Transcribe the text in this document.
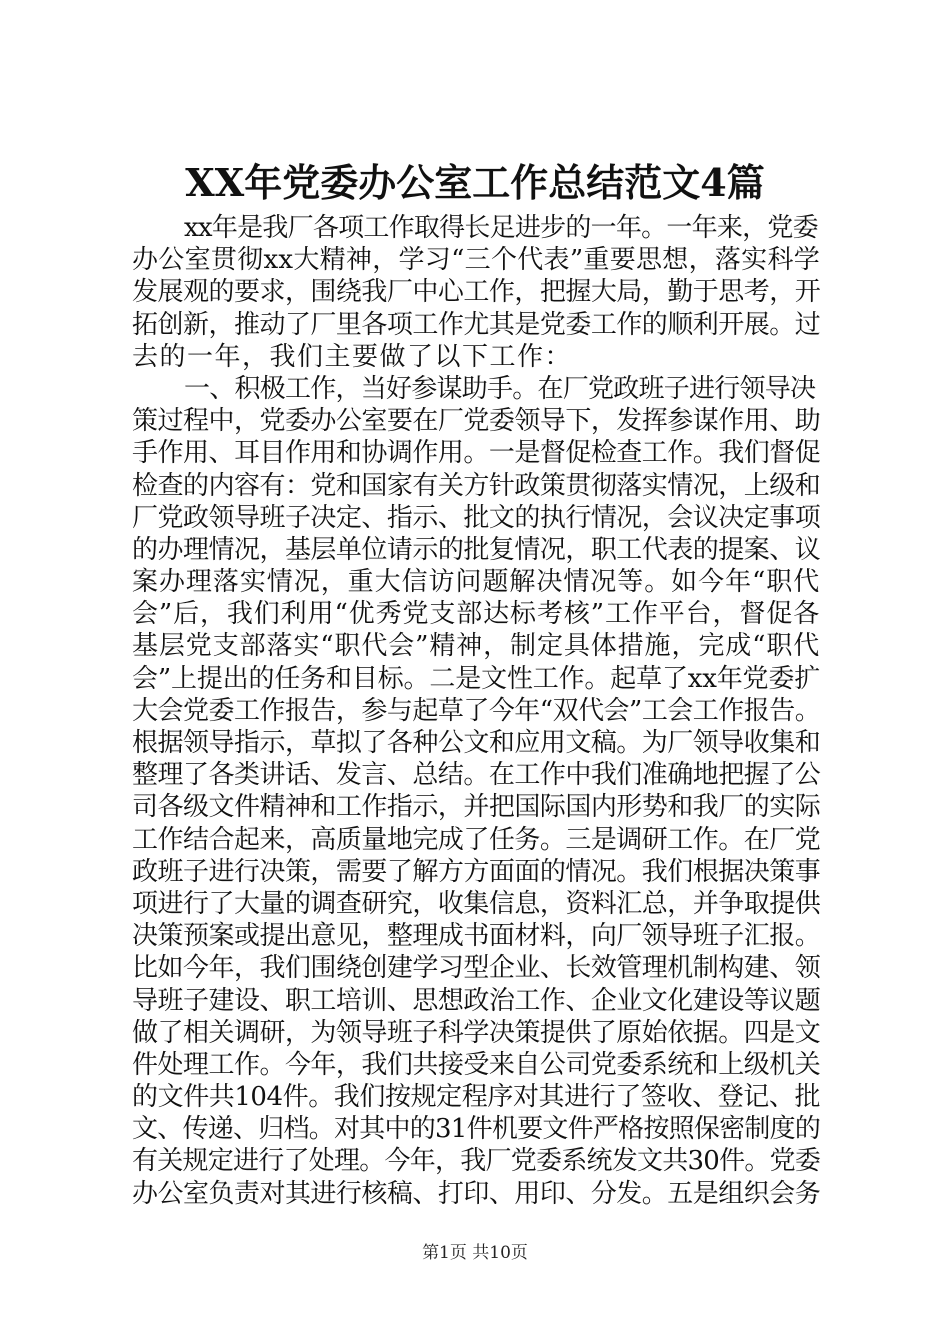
XX年党委办公室工作总结范文4篇
xx年是我厂各项工作取得长足进步的一年。一年来，党委
办公室贯彻xx大精神，学习“三个代表”重要思想，落实科学
发展观的要求，围绕我厂中心工作，把握大局，勤于思考，开
拓创新，推动了厂里各项工作尤其是党委工作的顺利开展。过
去的一年，我们主要做了以下工作：
一、积极工作，当好参谋助手。在厂党政班子进行领导决
策过程中，党委办公室要在厂党委领导下，发挥参谋作用、助
手作用、耳目作用和协调作用。一是督促检查工作。我们督促
检查的内容有：党和国家有关方针政策贯彻落实情况，上级和
厂党政领导班子决定、指示、批文的执行情况，会议决定事项
的办理情况，基层单位请示的批复情况，职工代表的提案、议
案办理落实情况，重大信访问题解决情况等。如今年“职代
会”后，我们利用“优秀党支部达标考核”工作平台，督促各
基层党支部落实“职代会”精神，制定具体措施，完成“职代
会”上提出的任务和目标。二是文性工作。起草了xx年党委扩
大会党委工作报告，参与起草了今年“双代会”工会工作报告。
根据领导指示，草拟了各种公文和应用文稿。为厂领导收集和
整理了各类讲话、发言、总结。在工作中我们准确地把握了公
司各级文件精神和工作指示，并把国际国内形势和我厂的实际
工作结合起来，高质量地完成了任务。三是调研工作。在厂党
政班子进行决策，需要了解方方面面的情况。我们根据决策事
项进行了大量的调查研究，收集信息，资料汇总，并争取提供
决策预案或提出意见，整理成书面材料，向厂领导班子汇报。
比如今年，我们围绕创建学习型企业、长效管理机制构建、领
导班子建设、职工培训、思想政治工作、企业文化建设等议题
做了相关调研，为领导班子科学决策提供了原始依据。四是文
件处理工作。今年，我们共接受来自公司党委系统和上级机关
的文件共104件。我们按规定程序对其进行了签收、登记、批
文、传递、归档。对其中的31件机要文件严格按照保密制度的
有关规定进行了处理。今年，我厂党委系统发文共30件。党委
办公室负责对其进行核稿、打印、用印、分发。五是组织会务
第1页 共10页
